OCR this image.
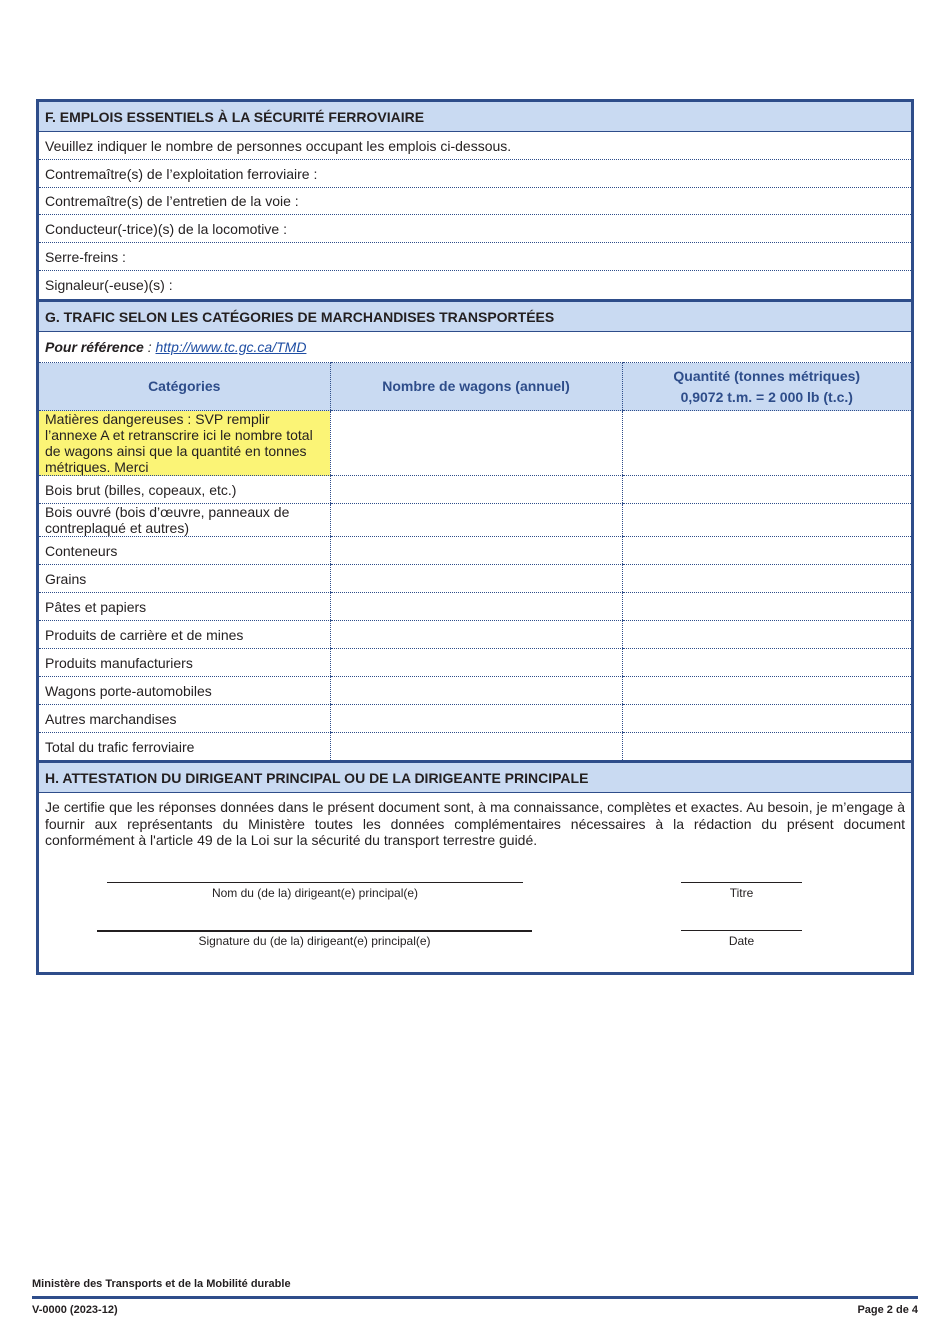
F. EMPLOIS ESSENTIELS À LA SÉCURITÉ FERROVIAIRE
Veuillez indiquer le nombre de personnes occupant les emplois ci-dessous.
Contremaître(s) de l’exploitation ferroviaire :
Contremaître(s) de l’entretien de la voie :
Conducteur(-trice)(s) de la locomotive :
Serre-freins :
Signaleur(-euse)(s) :
G. TRAFIC SELON LES CATÉGORIES DE MARCHANDISES TRANSPORTÉES
Pour référence : http://www.tc.gc.ca/TMD
Catégories	Nombre de wagons (annuel)	Quantité (tonnes métriques)
0,9072 t.m. = 2 000 lb (t.c.)

Matières dangereuses : SVP remplir l’annexe A et retranscrire ici le nombre total de wagons ainsi que la quantité en tonnes métriques. Merci		
Bois brut (billes, copeaux, etc.)		
Bois ouvré (bois d’œuvre, panneaux de contreplaqué et autres)		
Conteneurs		
Grains		
Pâtes et papiers		
Produits de carrière et de mines		
Produits manufacturiers		
Wagons porte-automobiles		
Autres marchandises		
Total du trafic ferroviaire		
H. ATTESTATION DU DIRIGEANT PRINCIPAL OU DE LA DIRIGEANTE PRINCIPALE
Je certifie que les réponses données dans le présent document sont, à ma connaissance, complètes et exactes. Au besoin, je m’engage à fournir aux représentants du Ministère toutes les données complémentaires nécessaires à la rédaction du présent document conformément à l'article 49 de la Loi sur la sécurité du transport terrestre guidé.
Nom du (de la) dirigeant(e) principal(e)	Titre
Signature du (de la) dirigeant(e) principal(e)	Date
Ministère des Transports et de la Mobilité durable
V-0000 (2023-12)	Page 2 de 4
